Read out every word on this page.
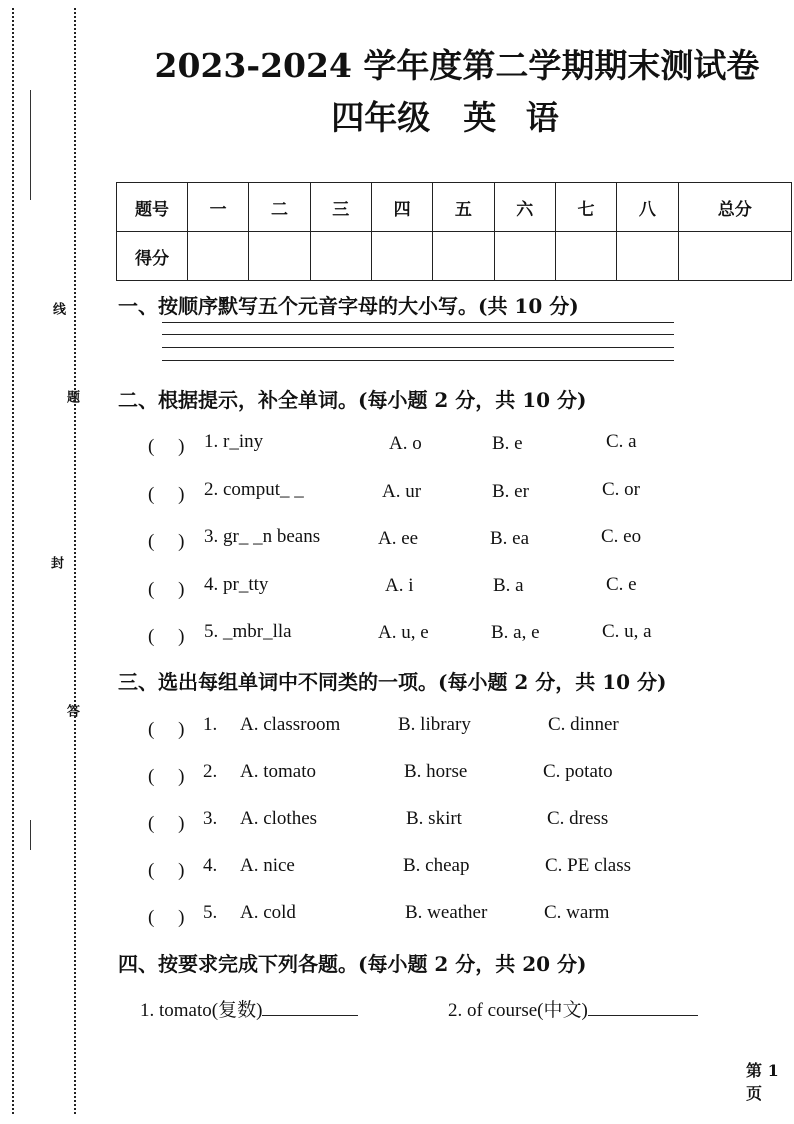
线
题
封
答
2023-2024 学年度第二学期期末测试卷
四年级　英 语
题号	一	二	三	四	五	六	七	八	总分
得分									
一、按顺序默写五个元音字母的大小写。(共 10 分)
二、根据提示，补全单词。(每小题 2 分，共 10 分)
(　 ) 1. r_iny	A. o	B. e	C. a
(　 ) 2. comput_ _	A. ur	B. er	C. or
(　 ) 3. gr_ _n beans	A. ee	B. ea	C. eo
(　 ) 4. pr_tty	A. i	B. a	C. e
(　 ) 5. _mbr_lla	A. u, e	B. a, e	C. u, a
三、选出每组单词中不同类的一项。(每小题 2 分，共 10 分)
(　 ) 1. A. classroom	B. library	C. dinner
(　 ) 2. A. tomato	B. horse	C. potato
(　 ) 3. A. clothes	B. skirt	C. dress
(　 ) 4. A. nice	B. cheap	C. PE class
(　 ) 5. A. cold	B. weather	C. warm
四、按要求完成下列各题。(每小题 2 分，共 20 分)
1. tomato(复数)	2. of course(中文)
第 1 页
